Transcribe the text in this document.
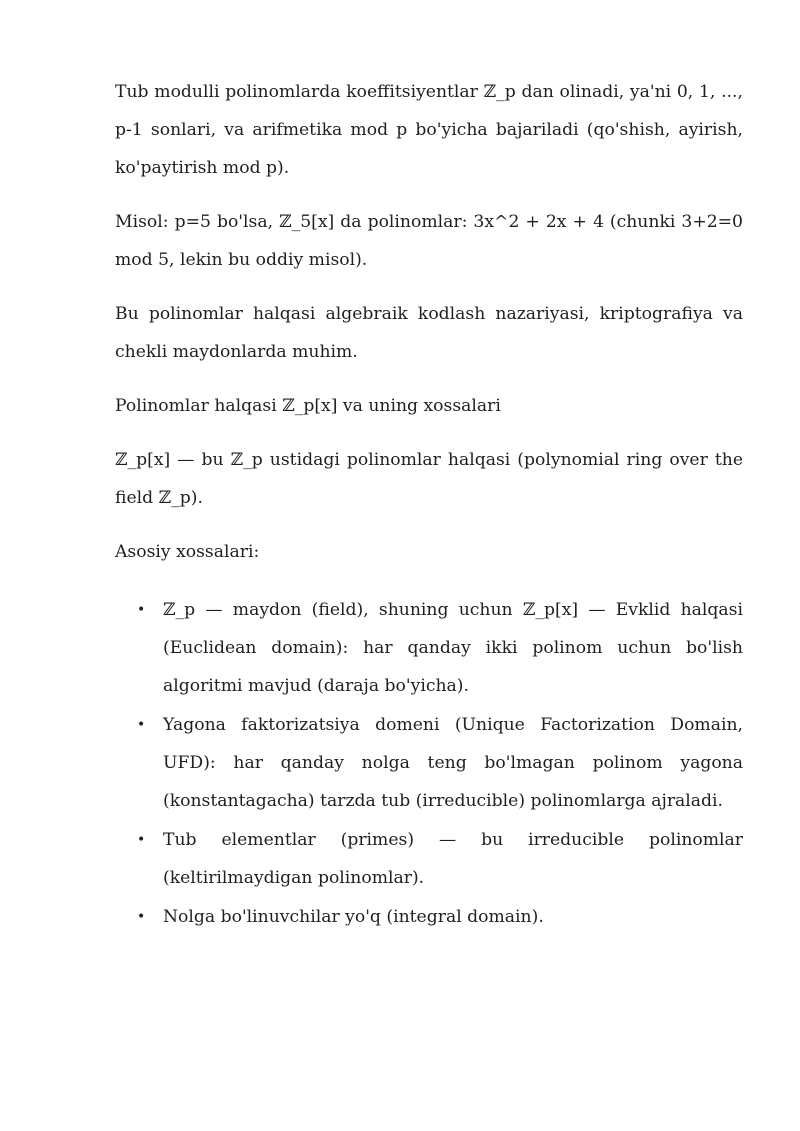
Tub modulli polinomlarda koeffitsiyentlar ℤ_p dan olinadi, ya'ni 0, 1, ..., p-1 sonlari, va arifmetika mod p bo'yicha bajariladi (qo'shish, ayirish, ko'paytirish mod p).

Misol: p=5 bo'lsa, ℤ_5[x] da polinomlar: 3x^2 + 2x + 4 (chunki 3+2=0 mod 5, lekin bu oddiy misol).

Bu polinomlar halqasi algebraik kodlash nazariyasi, kriptografiya va chekli maydonlarda muhim.

Polinomlar halqasi ℤ_p[x] va uning xossalari

ℤ_p[x] — bu ℤ_p ustidagi polinomlar halqasi (polynomial ring over the field ℤ_p).

Asosiy xossalari:

• ℤ_p — maydon (field), shuning uchun ℤ_p[x] — Evklid halqasi (Euclidean domain): har qanday ikki polinom uchun bo'lish algoritmi mavjud (daraja bo'yicha).
• Yagona faktorizatsiya domeni (Unique Factorization Domain, UFD): har qanday nolga teng bo'lmagan polinom yagona (konstantagacha) tarzda tub (irreducible) polinomlarga ajraladi.
• Tub elementlar (primes) — bu irreducible polinomlar (keltirilmaydigan polinomlar).
• Nolga bo'linuvchilar yo'q (integral domain).
